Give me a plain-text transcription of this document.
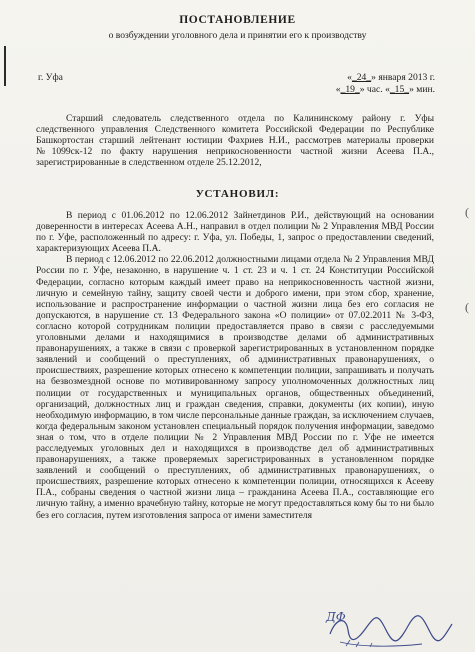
ПОСТАНОВЛЕНИЕ
о возбуждении уголовного дела и принятии его к производству
г. Уфа	«_24_» января 2013 г.
«_19_» час. «_15_» мин.

Старший следователь следственного отдела по Калининскому району г. Уфы следственного управления Следственного комитета Российской Федерации по Республике Башкортостан старший лейтенант юстиции Фахриев Н.И., рассмотрев материалы проверки №1099ск-12 по факту нарушения неприкосновенности частной жизни Асеева П.А., зарегистрированные в следственном отделе 25.12.2012,

УСТАНОВИЛ:

В период с 01.06.2012 по 12.06.2012 Зайнетдинов Р.И., действующий на основании доверенности в интересах Асеева А.Н., направил в отдел полиции № 2 Управления МВД России по г. Уфе, расположенный по адресу: г. Уфа, ул. Победы, 1, запрос о предоставлении сведений, характеризующих Асеева П.А.

В период с 12.06.2012 по 22.06.2012 должностными лицами отдела № 2 Управления МВД России по г. Уфе, незаконно, в нарушение ч. 1 ст. 23 и ч. 1 ст. 24 Конституции Российской Федерации, согласно которым каждый имеет право на неприкосновенность частной жизни, личную и семейную тайну, защиту своей чести и доброго имени, при этом сбор, хранение, использование и распространение информации о частной жизни лица без его согласия не допускаются, в нарушение ст. 13 Федерального закона «О полиции» от 07.02.2011 № 3-ФЗ, согласно которой сотрудникам полиции предоставляется право в связи с расследуемыми уголовными делами и находящимися в производстве делами об административных правонарушениях, а также в связи с проверкой зарегистрированных в установленном порядке заявлений и сообщений о преступлениях, об административных правонарушениях, о происшествиях, разрешение которых отнесено к компетенции полиции, запрашивать и получать на безвозмездной основе по мотивированному запросу уполномоченных должностных лиц полиции от государственных и муниципальных органов, общественных объединений, организаций, должностных лиц и граждан сведения, справки, документы (их копии), иную необходимую информацию, в том числе персональные данные граждан, за исключением случаев, когда федеральным законом установлен специальный порядок получения информации, заведомо зная о том, что в отделе полиции № 2 Управления МВД России по г. Уфе не имеется расследуемых уголовных дел и находящихся в производстве дел об административных правонарушениях, а также проверяемых зарегистрированных в установленном порядке заявлений и сообщений о преступлениях, об административных правонарушениях, о происшествиях, разрешение которых отнесено к компетенции полиции, относящихся к Асееву П.А., собраны сведения о частной жизни лица – гражданина Асеева П.А., составляющие его личную тайну, а именно врачебную тайну, которые не могут предоставляться кому бы то ни было без его согласия, путем изготовления запроса от имени заместителя

(
(
ДФ
